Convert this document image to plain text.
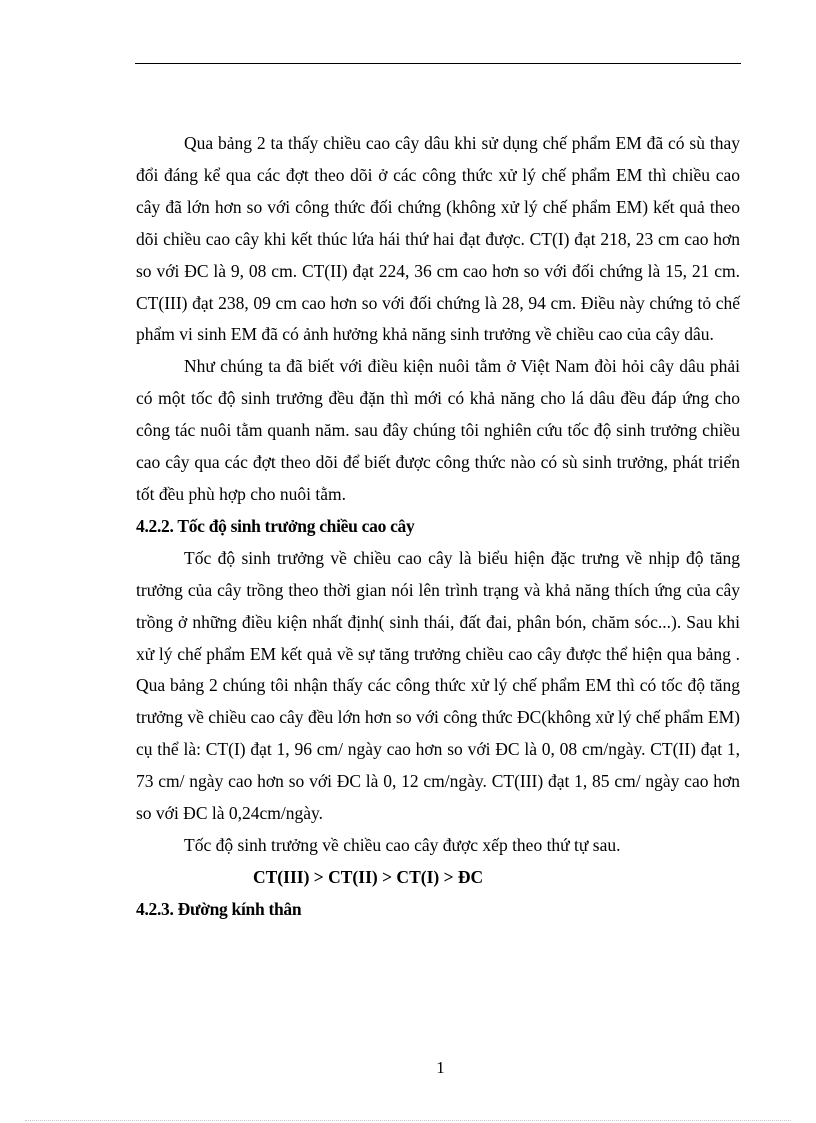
Qua bảng 2 ta thấy chiều cao cây dâu khi sử dụng chế phẩm EM đã có sù thay đổi đáng kể qua các đợt theo dõi ở các công thức xử lý chế phẩm EM thì chiều cao cây đã lớn hơn so với công thức đối chứng (không xử lý chế phẩm EM) kết quả theo dõi chiều cao cây khi kết thúc lứa hái thứ hai đạt được. CT(I) đạt 218, 23 cm cao hơn so với ĐC là 9, 08 cm. CT(II) đạt 224, 36 cm cao hơn so với đối chứng là 15, 21 cm. CT(III) đạt 238, 09 cm cao hơn so với đối chứng là 28, 94 cm. Điều này chứng tỏ chế phẩm vi sinh EM đã có ảnh hưởng khả năng sinh trưởng về chiều cao của cây dâu.

Như chúng ta đã biết với điều kiện nuôi tằm ở Việt Nam đòi hỏi cây dâu phải có một tốc độ sinh trưởng đều đặn thì mới có khả năng cho lá dâu đều đáp ứng cho công tác nuôi tằm quanh năm. sau đây chúng tôi nghiên cứu tốc độ sinh trưởng chiều cao cây qua các đợt theo dõi để biết được công thức nào có sù sinh trưởng, phát triển tốt đều phù hợp cho nuôi tằm.

4.2.2. Tốc độ sinh trưởng chiều cao cây

Tốc độ sinh trưởng về chiều cao cây là biểu hiện đặc trưng về nhịp độ tăng trưởng của cây trồng theo thời gian nói lên trình trạng và khả năng thích ứng của cây trồng ở những điều kiện nhất định( sinh thái, đất đai, phân bón, chăm sóc...). Sau khi xử lý chế phẩm EM kết quả về sự tăng trưởng chiều cao cây được thể hiện qua bảng . Qua bảng 2 chúng tôi nhận thấy các công thức xử lý chế phẩm EM thì có tốc độ tăng trưởng về chiều cao cây đều lớn hơn so với công thức ĐC(không xử lý chế phẩm EM) cụ thể là: CT(I) đạt 1, 96 cm/ ngày cao hơn so với ĐC là 0, 08 cm/ngày. CT(II) đạt 1, 73 cm/ ngày cao hơn so với ĐC là 0, 12 cm/ngày. CT(III) đạt 1, 85 cm/ ngày cao hơn so với ĐC là 0,24cm/ngày.

Tốc độ sinh trưởng về chiều cao cây được xếp theo thứ tự sau.

CT(III) > CT(II) > CT(I) > ĐC

4.2.3. Đường kính thân
1
